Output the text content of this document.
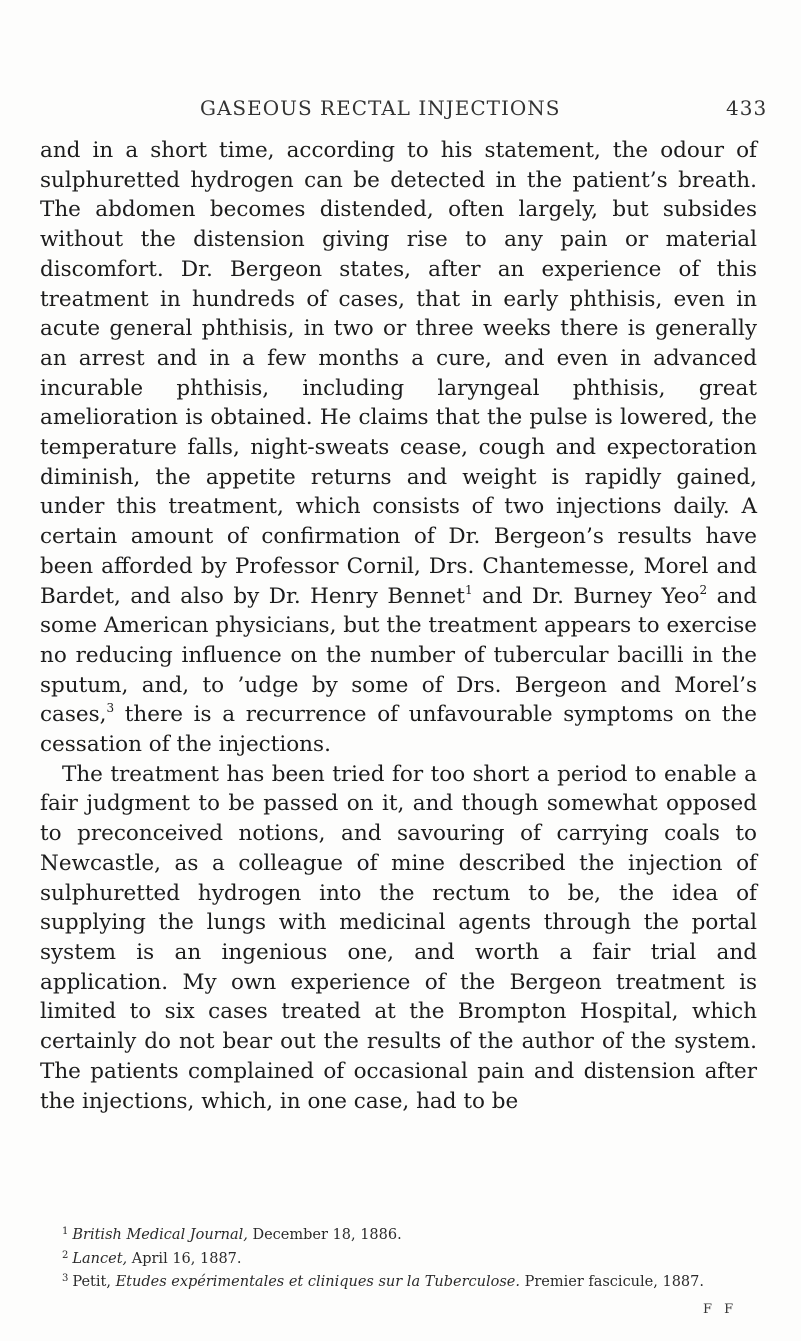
GASEOUS RECTAL INJECTIONS	433

and in a short time, according to his statement, the odour of sulphuretted hydrogen can be detected in the patient’s breath. The abdomen becomes distended, often largely, but subsides without the distension giving rise to any pain or material discomfort. Dr. Bergeon states, after an experience of this treatment in hundreds of cases, that in early phthisis, even in acute general phthisis, in two or three weeks there is generally an arrest and in a few months a cure, and even in advanced incurable phthisis, including laryngeal phthisis, great amelioration is obtained. He claims that the pulse is lowered, the temperature falls, night-sweats cease, cough and expectoration diminish, the appetite returns and weight is rapidly gained, under this treatment, which consists of two injections daily. A certain amount of confirmation of Dr. Bergeon’s results have been afforded by Professor Cornil, Drs. Chantemesse, Morel and Bardet, and also by Dr. Henry Bennet$^1$ and Dr. Burney Yeo$^2$ and some American physicians, but the treatment appears to exercise no reducing influence on the number of tubercular bacilli in the sputum, and, to ’udge by some of Drs. Bergeon and Morel’s cases,$^3$ there is a recurrence of unfavourable symptoms on the cessation of the injections.

The treatment has been tried for too short a period to enable a fair judgment to be passed on it, and though somewhat opposed to preconceived notions, and savouring of carrying coals to Newcastle, as a colleague of mine described the injection of sulphuretted hydrogen into the rectum to be, the idea of supplying the lungs with medicinal agents through the portal system is an ingenious one, and worth a fair trial and application. My own experience of the Bergeon treatment is limited to six cases treated at the Brompton Hospital, which certainly do not bear out the results of the author of the system. The patients complained of occasional pain and distension after the injections, which, in one case, had to be

$^1$ British Medical Journal, December 18, 1886.
$^2$ Lancet, April 16, 1887.
$^3$ Petit, Etudes expérimentales et cliniques sur la Tuberculose. Premier fascicule, 1887.
F F
